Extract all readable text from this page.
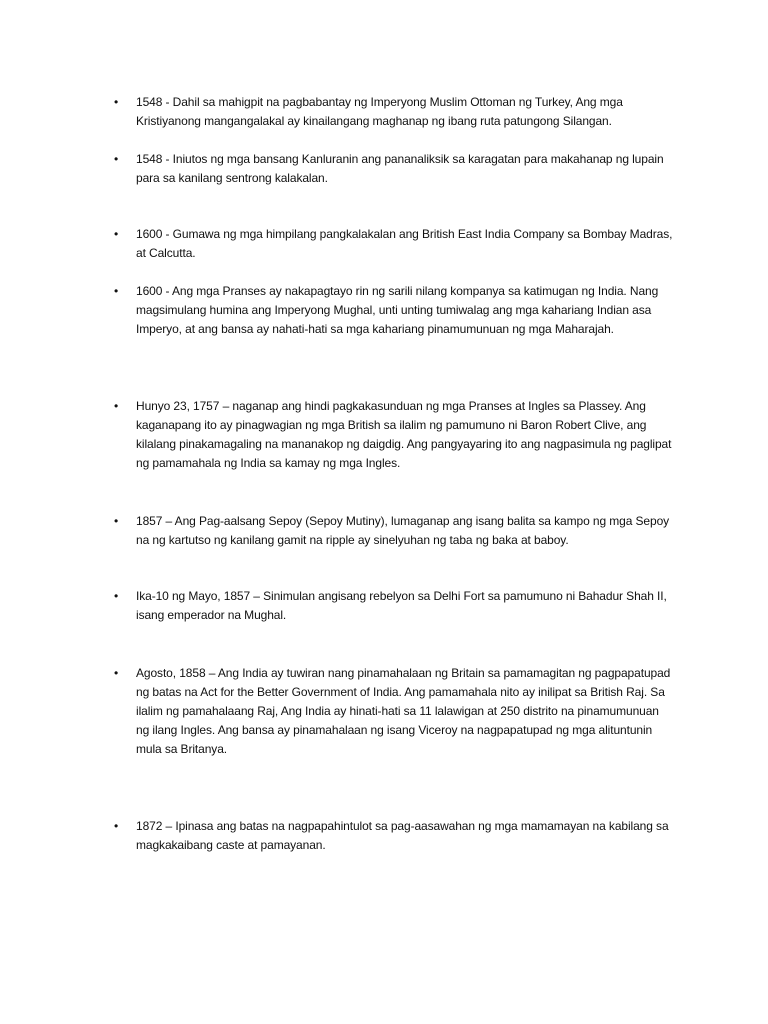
•	1548 - Dahil sa mahigpit na pagbabantay ng Imperyong Muslim Ottoman ng Turkey, Ang mga Kristiyanong mangangalakal ay kinailangang maghanap ng ibang ruta patungong Silangan.
•	1548 - Iniutos ng mga bansang Kanluranin ang pananaliksik sa karagatan para makahanap ng lupain para sa kanilang sentrong kalakalan.
•	1600 - Gumawa ng mga himpilang pangkalakalan ang British East India Company sa Bombay Madras, at Calcutta.
•	1600 - Ang mga Pranses ay nakapagtayo rin ng sarili nilang kompanya sa katimugan ng India. Nang magsimulang humina ang Imperyong Mughal, unti unting tumiwalag ang mga kahariang Indian asa Imperyo, at ang bansa ay nahati-hati sa mga kahariang pinamumunuan ng mga Maharajah.
•	Hunyo 23, 1757 – naganap ang hindi pagkakasunduan ng mga Pranses at Ingles sa Plassey. Ang kaganapang ito ay pinagwagian ng mga British sa ilalim ng pamumuno ni Baron Robert Clive, ang kilalang pinakamagaling na mananakop ng daigdig. Ang pangyayaring ito ang nagpasimula ng paglipat ng pamamahala ng India sa kamay ng mga Ingles.
•	1857 – Ang Pag-aalsang Sepoy (Sepoy Mutiny), lumaganap ang isang balita sa kampo ng mga Sepoy na ng kartutso ng kanilang gamit na ripple ay sinelyuhan ng taba ng baka at baboy.
•	Ika-10 ng Mayo, 1857 – Sinimulan angisang rebelyon sa Delhi Fort sa pamumuno ni Bahadur Shah II, isang emperador na Mughal.
•	Agosto, 1858 – Ang India ay tuwiran nang pinamahalaan ng Britain sa pamamagitan ng pagpapatupad ng batas na Act for the Better Government of India. Ang pamamahala nito ay inilipat sa British Raj. Sa ilalim ng pamahalaang Raj, Ang India ay hinati-hati sa 11 lalawigan at 250 distrito na pinamumunuan ng ilang Ingles. Ang bansa ay pinamahalaan ng isang Viceroy na nagpapatupad ng mga alituntunin mula sa Britanya.
•	1872 – Ipinasa ang batas na nagpapahintulot sa pag-aasawahan ng mga mamamayan na kabilang sa magkakaibang caste at pamayanan.
